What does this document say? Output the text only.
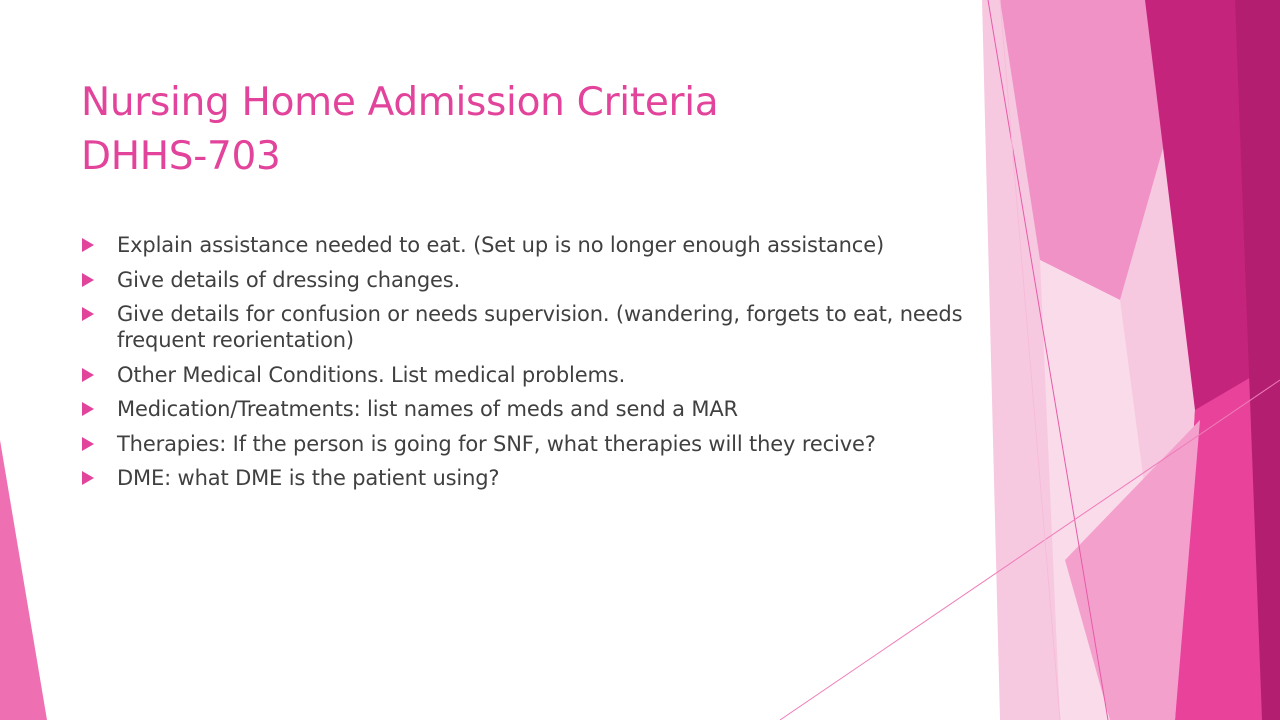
Nursing Home Admission Criteria
DHHS-703
Explain assistance needed to eat. (Set up is no longer enough assistance)
Give details of dressing changes.
Give details for confusion or needs supervision. (wandering, forgets to eat, needs frequent reorientation)
Other Medical Conditions. List medical problems.
Medication/Treatments: list names of meds and send a MAR
Therapies: If the person is going for SNF, what therapies will they recive?
DME: what DME is the patient using?
